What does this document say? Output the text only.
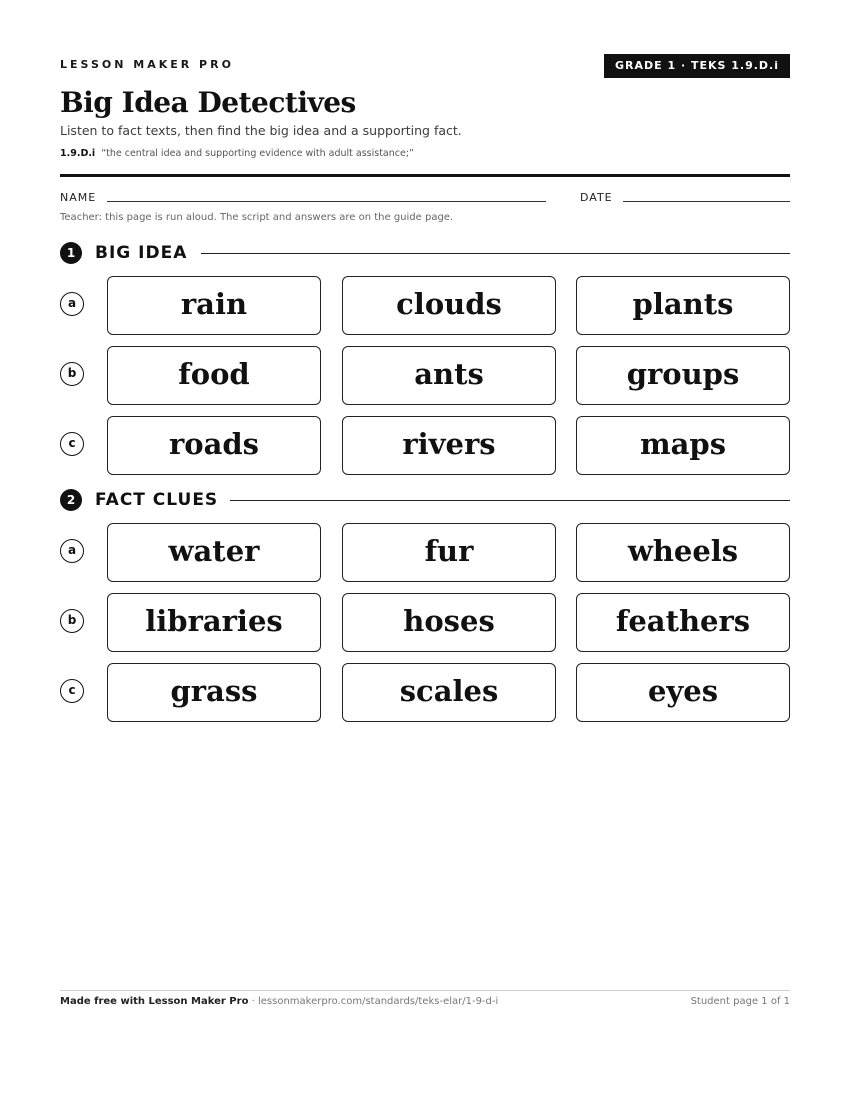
LESSON MAKER PRO	GRADE 1 · TEKS 1.9.D.i
Big Idea Detectives
Listen to fact texts, then find the big idea and a supporting fact.
1.9.D.i “the central idea and supporting evidence with adult assistance;”
NAME	DATE
Teacher: this page is run aloud. The script and answers are on the guide page.
1	BIG IDEA
a	rain	clouds	plants
b	food	ants	groups
c	roads	rivers	maps
2	FACT CLUES
a	water	fur	wheels
b	libraries	hoses	feathers
c	grass	scales	eyes
Made free with Lesson Maker Pro · lessonmakerpro.com/standards/teks-elar/1-9-d-i	Student page 1 of 1
